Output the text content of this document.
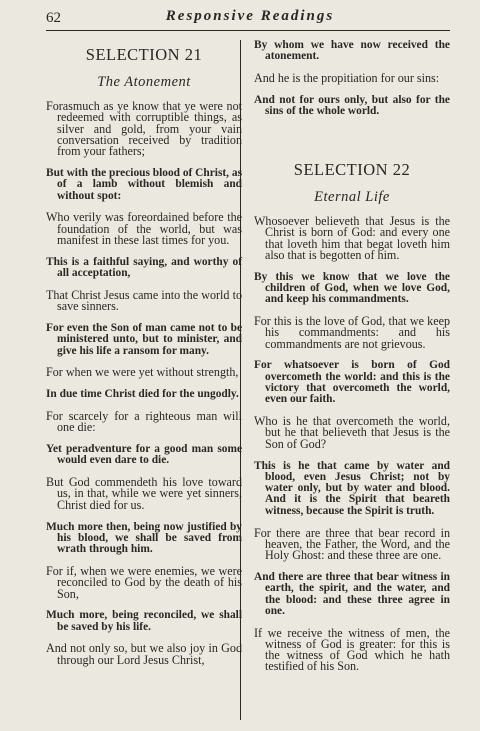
62	Responsive Readings
SELECTION 21
The Atonement

Forasmuch as ye know that ye were not redeemed with corruptible things, as silver and gold, from your vain conversation received by tradition from your fathers;

But with the precious blood of Christ, as of a lamb without blemish and without spot:

Who verily was foreordained before the foundation of the world, but was manifest in these last times for you.

This is a faithful saying, and worthy of all acceptation,

That Christ Jesus came into the world to save sinners.

For even the Son of man came not to be ministered unto, but to minister, and give his life a ransom for many.

For when we were yet without strength,

In due time Christ died for the ungodly.

For scarcely for a righteous man will one die:

Yet peradventure for a good man some would even dare to die.

But God commendeth his love toward us, in that, while we were yet sinners, Christ died for us.

Much more then, being now justified by his blood, we shall be saved from wrath through him.

For if, when we were enemies, we were reconciled to God by the death of his Son,

Much more, being reconciled, we shall be saved by his life.

And not only so, but we also joy in God through our Lord Jesus Christ,

By whom we have now received the atonement.

And he is the propitiation for our sins:

And not for ours only, but also for the sins of the whole world.

SELECTION 22
Eternal Life

Whosoever believeth that Jesus is the Christ is born of God: and every one that loveth him that begat loveth him also that is begotten of him.

By this we know that we love the children of God, when we love God, and keep his commandments.

For this is the love of God, that we keep his commandments: and his commandments are not grievous.

For whatsoever is born of God overcometh the world: and this is the victory that overcometh the world, even our faith.

Who is he that overcometh the world, but he that believeth that Jesus is the Son of God?

This is he that came by water and blood, even Jesus Christ; not by water only, but by water and blood. And it is the Spirit that beareth witness, because the Spirit is truth.

For there are three that bear record in heaven, the Father, the Word, and the Holy Ghost: and these three are one.

And there are three that bear witness in earth, the spirit, and the water, and the blood: and these three agree in one.

If we receive the witness of men, the witness of God is greater: for this is the witness of God which he hath testified of his Son.
